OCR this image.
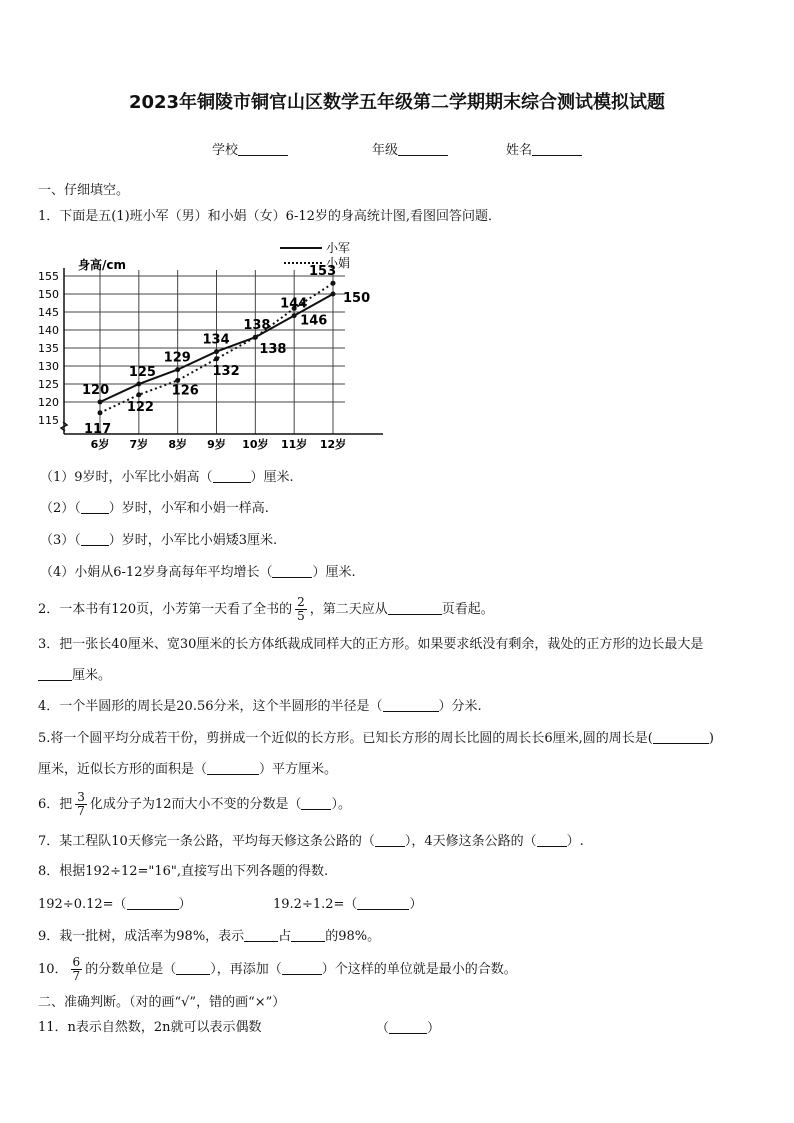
2023年铜陵市铜官山区数学五年级第二学期期末综合测试模拟试题
学校	年级	姓名
一、仔细填空。
1．下面是五(1)班小军（男）和小娟（女）6-12岁的身高统计图,看图回答问题．
115
120
125
130
135
140
145
150
155
6岁 7岁 8岁 9岁 10岁 11岁 12岁
120
125
129
134
138
144	150
117
122
126
132
138
146
153
身高/cm
小军
小娟
（1）9岁时，小军比小娟高（	）厘米.
（2）（ ）岁时，小军和小娟一样高.
（3）（ ）岁时，小军比小娟矮3厘米.
（4）小娟从6-12岁身高每年平均增长（	）厘米.
2．一本书有120页，小芳第一天看了全书的 $\frac{2}{5}$ ，第二天应从	页看起。
3．把一张长40厘米、宽30厘米的长方体纸裁成同样大的正方形。如果要求纸没有剩余，裁处的正方形的边长最大是
厘米。
4．一个半圆形的周长是20.56分米，这个半圆形的半径是（	）分米.
5.将一个圆平均分成若干份，剪拼成一个近似的长方形。已知长方形的周长比圆的周长长6厘米,圆的周长是(	)
厘米，近似长方形的面积是（	）平方厘米。
6．把 $\frac{3}{7}$ 化成分子为12而大小不变的分数是（ ）。
7．某工程队10天修完一条公路，平均每天修这条公路的（ ），4天修这条公路的（ ）.
8．根据192÷12="16",直接写出下列各题的得数.
192÷0.12=（	）	19.2÷1.2=（	）
9．栽一批树，成活率为98%，表示	占	的98%。
10． $\frac{6}{7}$ 的分数单位是（	），再添加（	）个这样的单位就是最小的合数。
二、准确判断。（对的画“√”，错的画“×”）
11．n表示自然数，2n就可以表示偶数	（	）
